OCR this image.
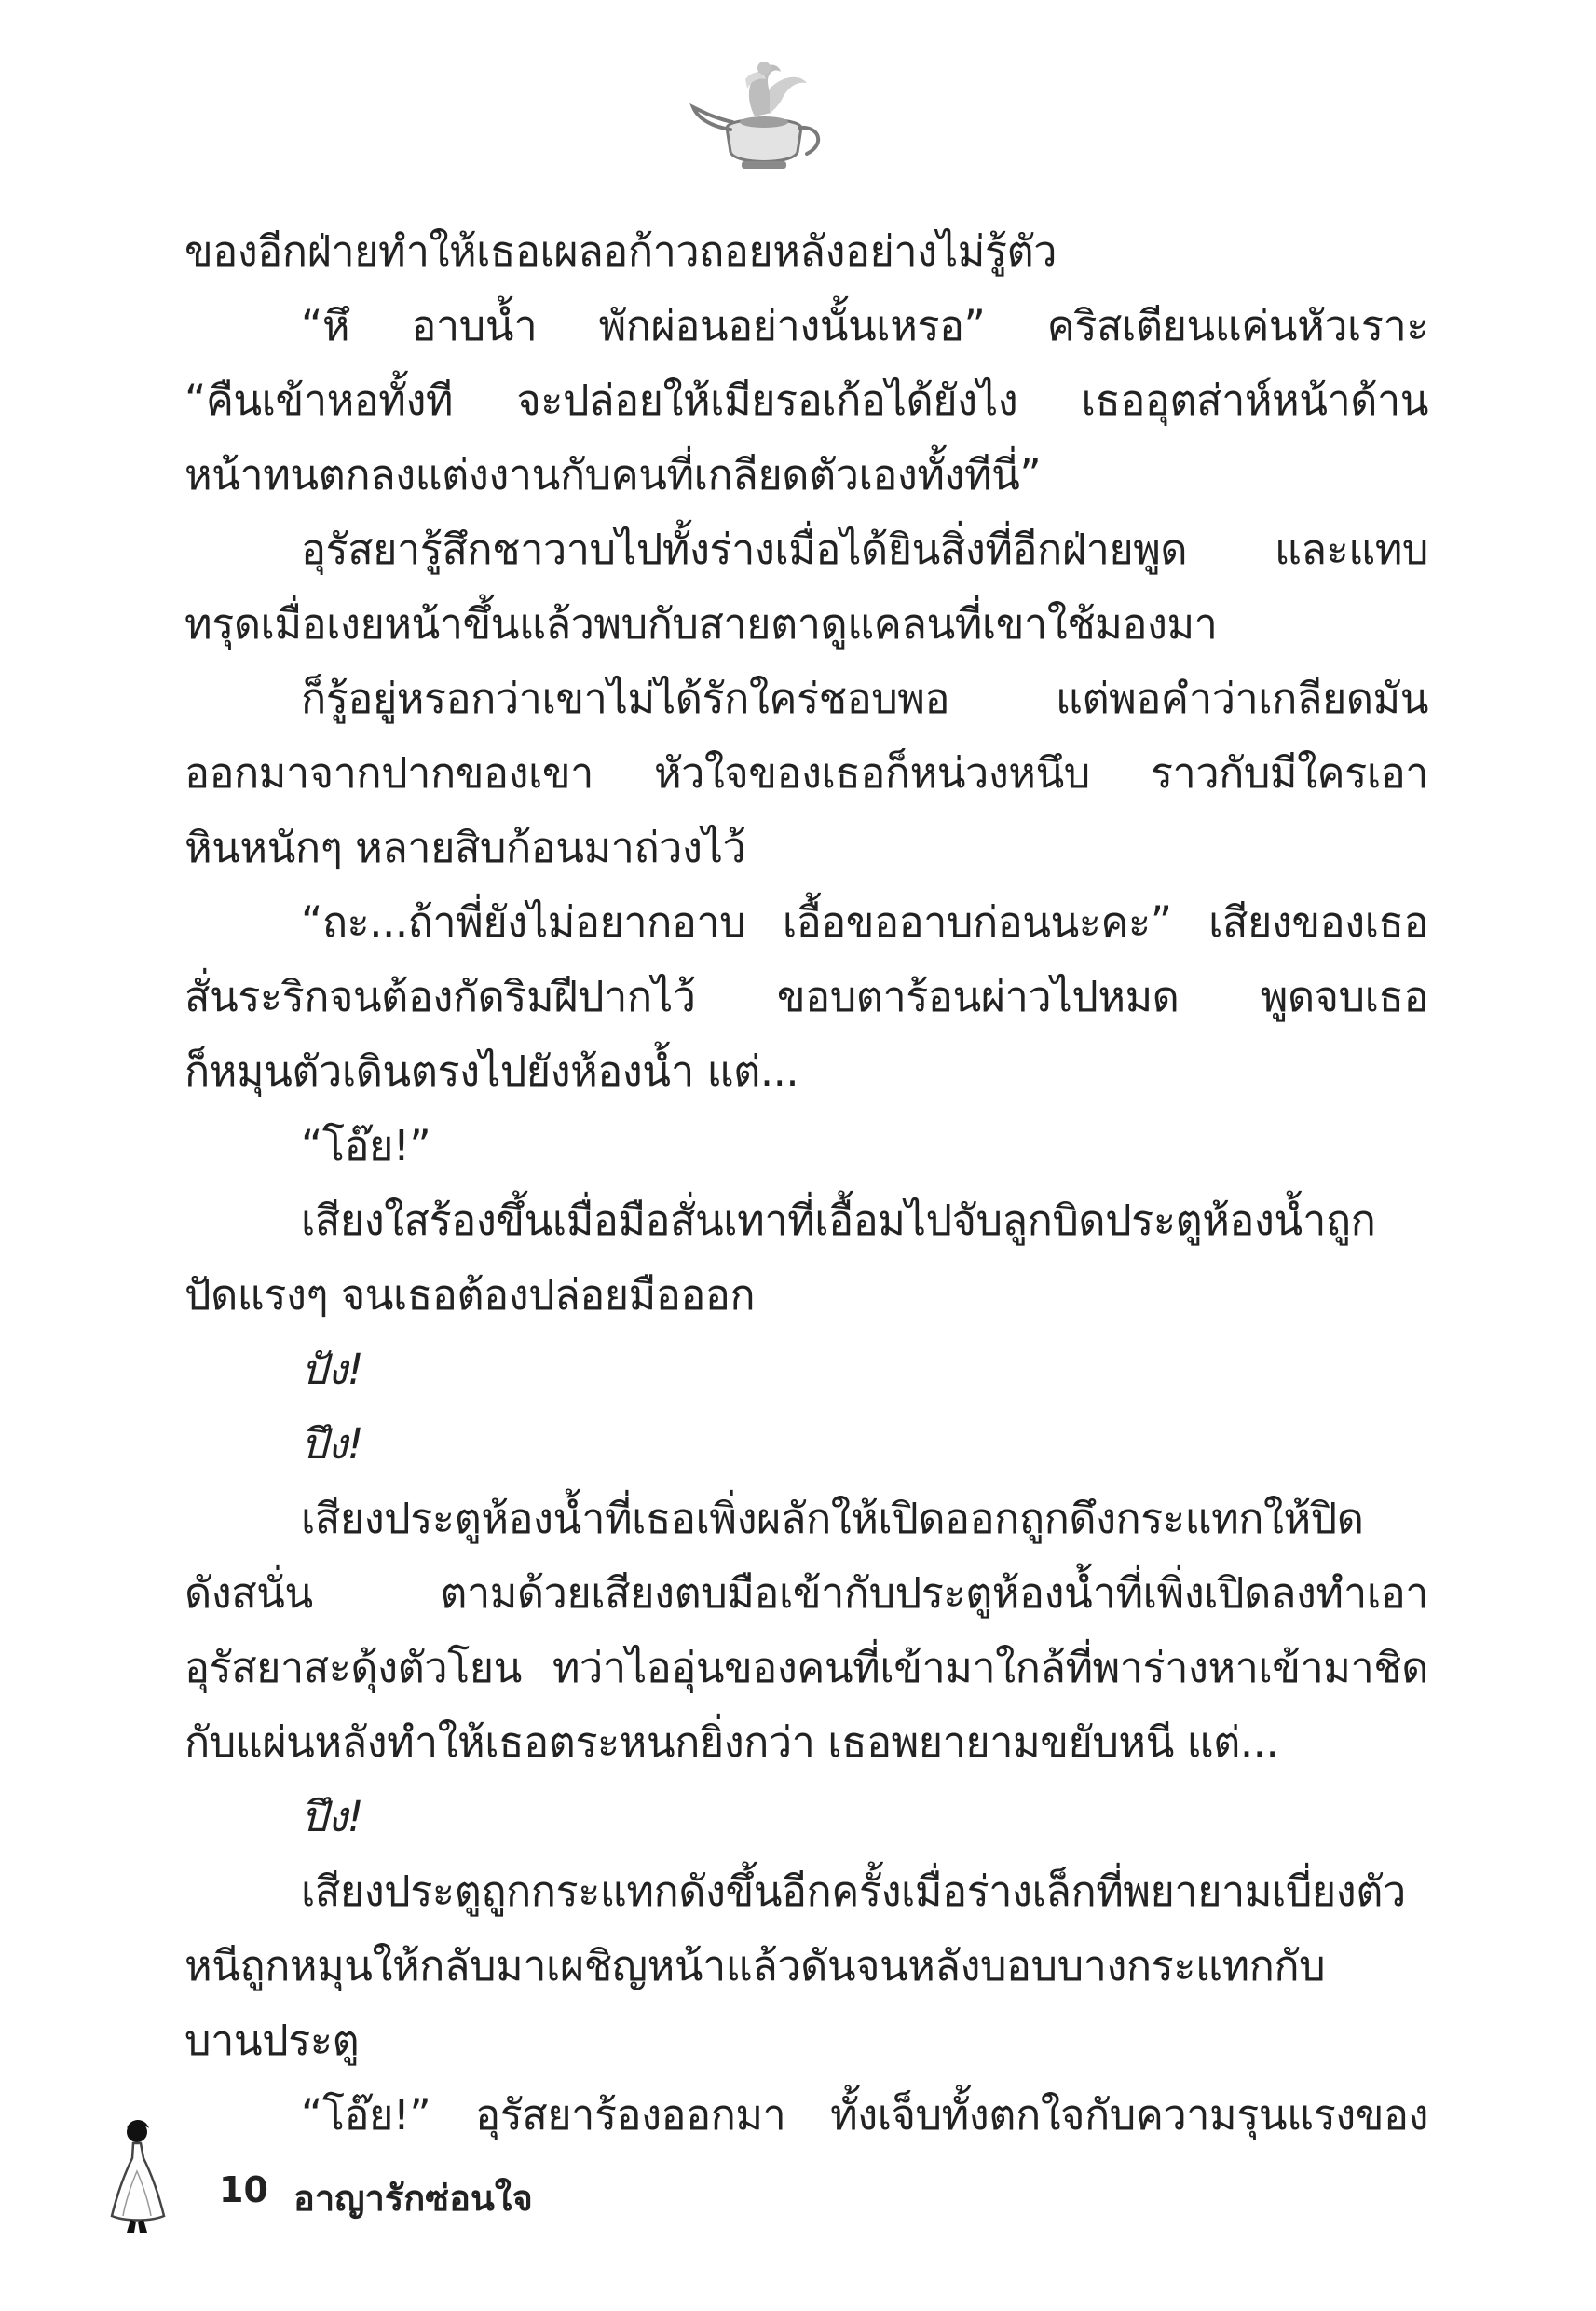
ของอีกฝ่ายทำให้เธอเผลอก้าวถอยหลังอย่างไม่รู้ตัว
“หึ อาบน้ำ พักผ่อนอย่างนั้นเหรอ” คริสเตียนแค่นหัวเราะ
“คืนเข้าหอทั้งที จะปล่อยให้เมียรอเก้อได้ยังไง เธออุตส่าห์หน้าด้าน
หน้าทนตกลงแต่งงานกับคนที่เกลียดตัวเองทั้งทีนี่”
อุรัสยารู้สึกชาวาบไปทั้งร่างเมื่อได้ยินสิ่งที่อีกฝ่ายพูด และแทบ
ทรุดเมื่อเงยหน้าขึ้นแล้วพบกับสายตาดูแคลนที่เขาใช้มองมา
ก็รู้อยู่หรอกว่าเขาไม่ได้รักใคร่ชอบพอ แต่พอคำว่าเกลียดมัน
ออกมาจากปากของเขา หัวใจของเธอก็หน่วงหนึบ ราวกับมีใครเอา
หินหนักๆ หลายสิบก้อนมาถ่วงไว้
“ถะ...ถ้าพี่ยังไม่อยากอาบ เอื้อขออาบก่อนนะคะ” เสียงของเธอ
สั่นระริกจนต้องกัดริมฝีปากไว้ ขอบตาร้อนผ่าวไปหมด พูดจบเธอ
ก็หมุนตัวเดินตรงไปยังห้องน้ำ แต่...
“โอ๊ย!”
เสียงใสร้องขึ้นเมื่อมือสั่นเทาที่เอื้อมไปจับลูกบิดประตูห้องน้ำถูก
ปัดแรงๆ จนเธอต้องปล่อยมือออก
ปัง!
ปึง!
เสียงประตูห้องน้ำที่เธอเพิ่งผลักให้เปิดออกถูกดึงกระแทกให้ปิด
ดังสนั่น ตามด้วยเสียงตบมือเข้ากับประตูห้องน้ำที่เพิ่งเปิดลงทำเอา
อุรัสยาสะดุ้งตัวโยน ทว่าไออุ่นของคนที่เข้ามาใกล้ที่พาร่างหาเข้ามาชิด
กับแผ่นหลังทำให้เธอตระหนกยิ่งกว่า เธอพยายามขยับหนี แต่...
ปึง!
เสียงประตูถูกกระแทกดังขึ้นอีกครั้งเมื่อร่างเล็กที่พยายามเบี่ยงตัว
หนีถูกหมุนให้กลับมาเผชิญหน้าแล้วดันจนหลังบอบบางกระแทกกับ
บานประตู
“โอ๊ย!” อุรัสยาร้องออกมา ทั้งเจ็บทั้งตกใจกับความรุนแรงของ
10 อาญารักซ่อนใจ
